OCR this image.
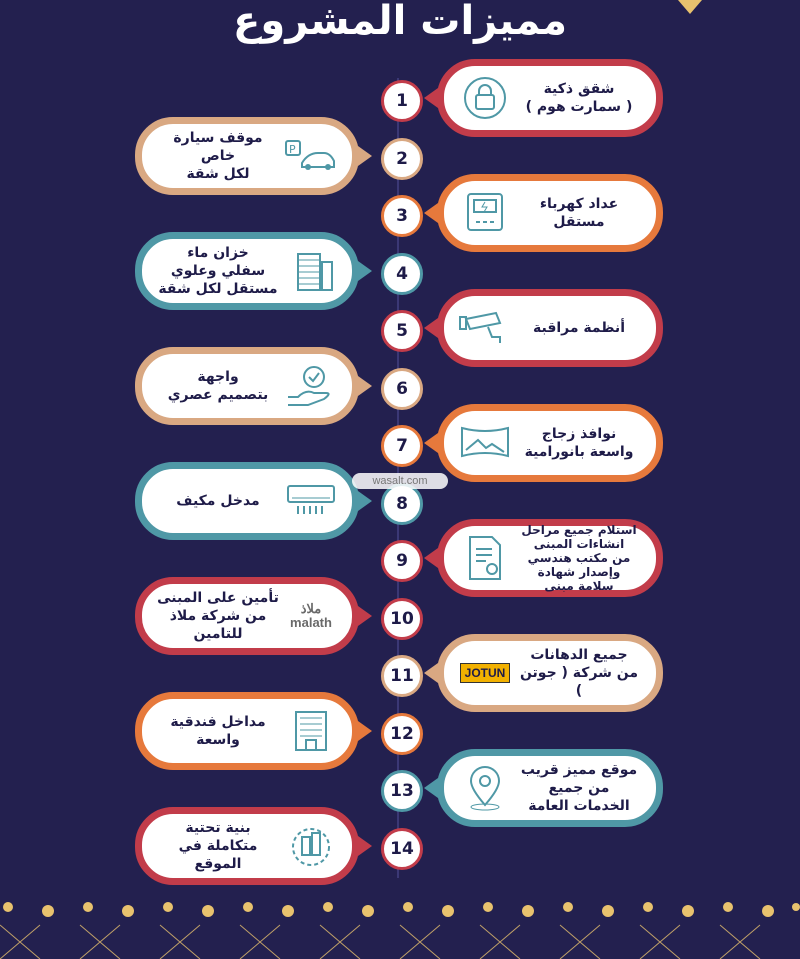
مميزات المشروع
1
شقق ذكية
( سمارت هوم )
2
موقف سيارة خاص
لكل شقة
P
3
عداد كهرباء
مستقل
4
خزان ماء
سفلي وعلوي
مستقل لكل شقة
5	أنظمة مراقبة
6
واجهة
بتصميم عصري
7
نوافذ زجاج
واسعة بانورامية
8
مدخل مكيف
9
استلام جميع مراحل
انشاءات المبنى
من مكتب هندسي
وإصدار شهادة
سلامة مبنى
10
تأمين على المبنى
من شركة ملاذ للتامين
ملاذ
malath
11	JOTUN
جميع الدهانات
من شركة ( جوتن )
12
مداخل فندقية واسعة
13
موقع مميز قريب
من جميع
الخدمات العامة
14
بنية تحتية
متكاملة في الموقع
wasalt.com
